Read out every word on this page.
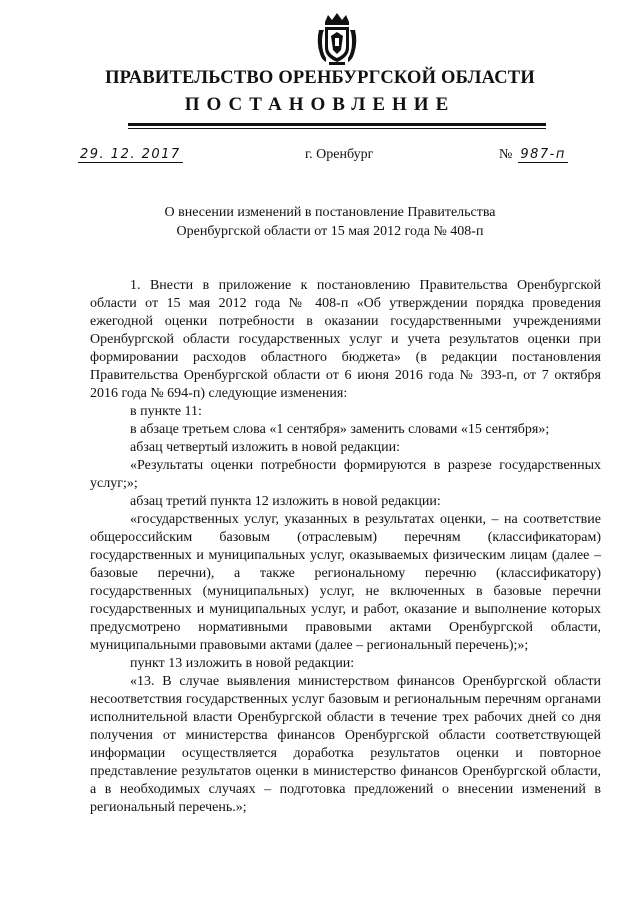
ПРАВИТЕЛЬСТВО ОРЕНБУРГСКОЙ ОБЛАСТИ
ПОСТАНОВЛЕНИЕ
29. 12. 2017	г. Оренбург	№ 987-п
О внесении изменений в постановление Правительства
Оренбургской области от 15 мая 2012 года № 408-п

1. Внести в приложение к постановлению Правительства Оренбургской области от 15 мая 2012 года № 408-п «Об утверждении порядка проведения ежегодной оценки потребности в оказании государственными учреждениями Оренбургской области государственных услуг и учета результатов оценки при формировании расходов областного бюджета» (в редакции постановления Правительства Оренбургской области от 6 июня 2016 года № 393-п, от 7 октября 2016 года № 694-п) следующие изменения:

в пункте 11:

в абзаце третьем слова «1 сентября» заменить словами «15 сентября»;

абзац четвертый изложить в новой редакции:

«Результаты оценки потребности формируются в разрезе государственных услуг;»;

абзац третий пункта 12 изложить в новой редакции:

«государственных услуг, указанных в результатах оценки, – на соответствие общероссийским базовым (отраслевым) перечням (классификаторам) государственных и муниципальных услуг, оказываемых физическим лицам (далее – базовые перечни), а также региональному перечню (классификатору) государственных (муниципальных) услуг, не включенных в базовые перечни государственных и муниципальных услуг, и работ, оказание и выполнение которых предусмотрено нормативными правовыми актами Оренбургской области, муниципальными правовыми актами (далее – региональный перечень);»;

пункт 13 изложить в новой редакции:

«13. В случае выявления министерством финансов Оренбургской области несоответствия государственных услуг базовым и региональным перечням органами исполнительной власти Оренбургской области в течение трех рабочих дней со дня получения от министерства финансов Оренбургской области соответствующей информации осуществляется доработка результатов оценки и повторное представление результатов оценки в министерство финансов Оренбургской области, а в необходимых случаях – подготовка предложений о внесении изменений в региональный перечень.»;
